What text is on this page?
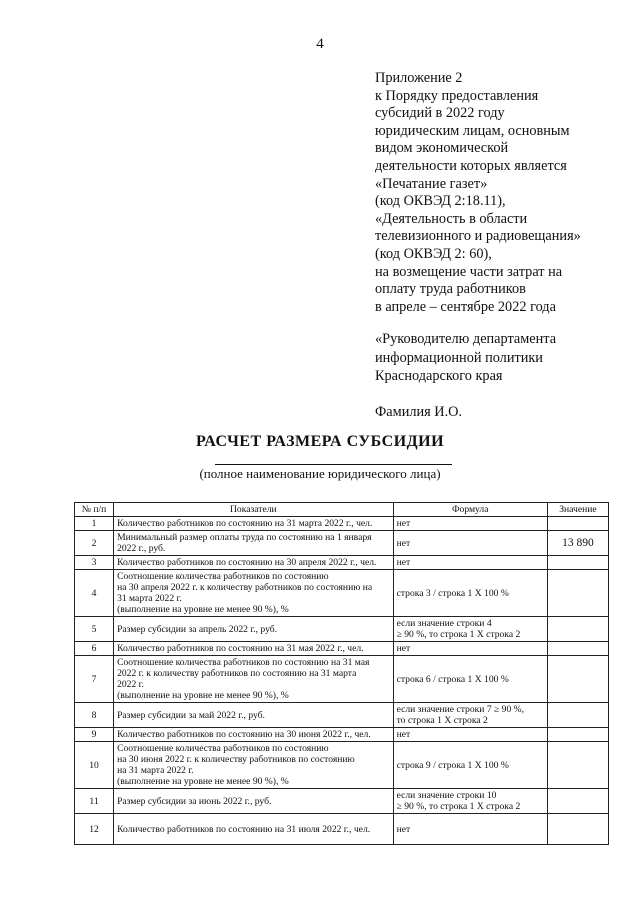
4
Приложение 2
к Порядку предоставления
субсидий в 2022 году
юридическим лицам, основным
видом экономической
деятельности которых является
«Печатание газет»
(код ОКВЭД 2:18.11),
«Деятельность в области
телевизионного и радиовещания»
(код ОКВЭД 2: 60),
на возмещение части затрат на
оплату труда работников
в апреле – сентябре 2022 года
«Руководителю департамента
информационной политики
Краснодарского края
Фамилия И.О.
РАСЧЕТ РАЗМЕРА СУБСИДИИ
(полное наименование юридического лица)
№ п/п	Показатели	Формула	Значение
1	Количество работников по состоянию на 31 марта 2022 г., чел.	нет	

2	Минимальный размер оплаты труда по состоянию на 1 января
2022 г., руб.	нет	13 890
3	Количество работников по состоянию на 30 апреля 2022 г., чел.	нет	

4	Соотношение количества работников по состоянию
на 30 апреля 2022 г. к количеству работников по состоянию на
31 марта 2022 г.
(выполнение на уровне не менее 90 %), %	строка 3 / строка 1 Х 100 %	

5	Размер субсидии за апрель 2022 г., руб.	если значение строки 4
≥ 90 %, то строка 1 Х строка 2	

6	Количество работников по состоянию на 31 мая 2022 г., чел.	нет	

7	Соотношение количества работников по состоянию на 31 мая
2022 г. к количеству работников по состоянию на 31 марта
2022 г.
(выполнение на уровне не менее 90 %), %	строка 6 / строка 1 Х 100 %	

8	Размер субсидии за май 2022 г., руб.	если значение строки 7 ≥ 90 %,
то строка 1 Х строка 2	

9	Количество работников по состоянию на 30 июня 2022 г., чел.	нет	

10	Соотношение количества работников по состоянию
на 30 июня 2022 г. к количеству работников по состоянию
на 31 марта 2022 г.
(выполнение на уровне не менее 90 %), %	строка 9 / строка 1 Х 100 %	

11	Размер субсидии за июнь 2022 г., руб.	если значение строки 10
≥ 90 %, то строка 1 Х строка 2	

12	Количество работников по состоянию на 31 июля 2022 г., чел.	нет	
